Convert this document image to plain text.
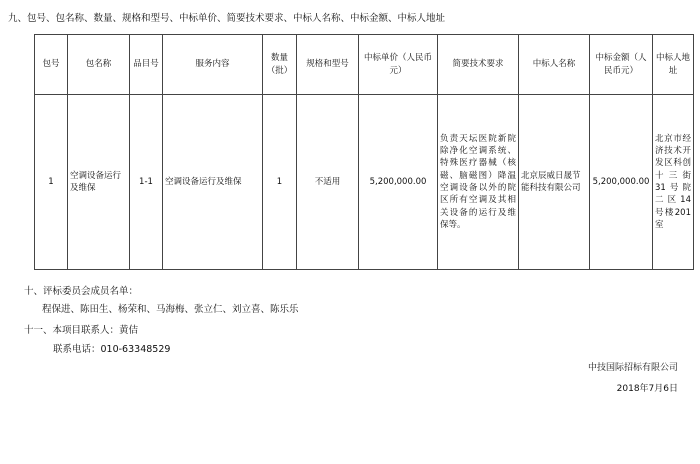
九、包号、包名称、数量、规格和型号、中标单价、简要技术要求、中标人名称、中标金额、中标人地址
包号	包名称	品目号	服务内容	数量（批）	规格和型号	中标单价（人民币元）	简要技术要求	中标人名称	中标金额（人民币元）	中标人地址
1	空调设备运行及维保	1-1	空调设备运行及维保	1	不适用	5,200,000.00	负责天坛医院新院除净化空调系统、特殊医疗器械（核磁、脑磁图）降温空调设备以外的院区所有空调及其相关设备的运行及维保等。	北京辰威日晟节能科技有限公司	5,200,000.00	北京市经济技术开发区科创十三街31号院二区14号楼201室
十、评标委员会成员名单：
程保进、陈田生、杨荣和、马海梅、张立仁、刘立喜、陈乐乐
十一、本项目联系人：黄佶
联系电话：010-63348529
中技国际招标有限公司
2018年7月6日
